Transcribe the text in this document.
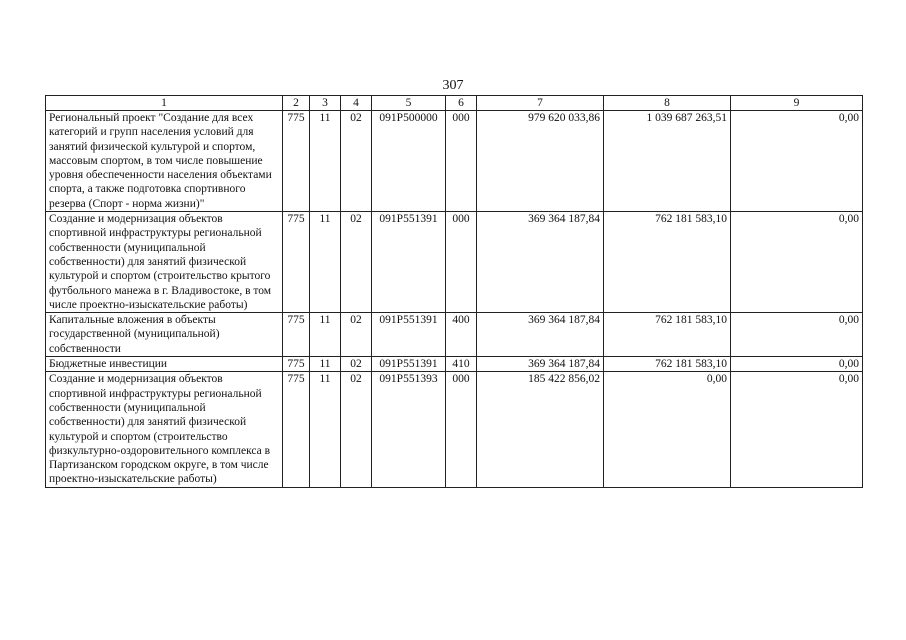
307
1	2	3	4	5	6	7	8	9
Региональный проект "Создание для всех категорий и групп населения условий для занятий физической культурой и спортом, массовым спортом, в том числе повышение уровня обеспеченности населения объектами спорта, а также подготовка спортивного резерва (Спорт - норма жизни)"	775	11	02	091P500000	000	979 620 033,86	1 039 687 263,51	0,00
Создание и модернизация объектов спортивной инфраструктуры региональной собственности (муниципальной собственности) для занятий физической культурой и спортом (строительство крытого футбольного манежа в г. Владивостоке, в том числе проектно-изыскательские работы)	775	11	02	091P551391	000	369 364 187,84	762 181 583,10	0,00
Капитальные вложения в объекты государственной (муниципальной) собственности	775	11	02	091P551391	400	369 364 187,84	762 181 583,10	0,00
Бюджетные инвестиции	775	11	02	091P551391	410	369 364 187,84	762 181 583,10	0,00
Создание и модернизация объектов спортивной инфраструктуры региональной собственности (муниципальной собственности) для занятий физической культурой и спортом (строительство физкультурно-оздоровительного комплекса в Партизанском городском округе, в том числе проектно-изыскательские работы)	775	11	02	091P551393	000	185 422 856,02	0,00	0,00
